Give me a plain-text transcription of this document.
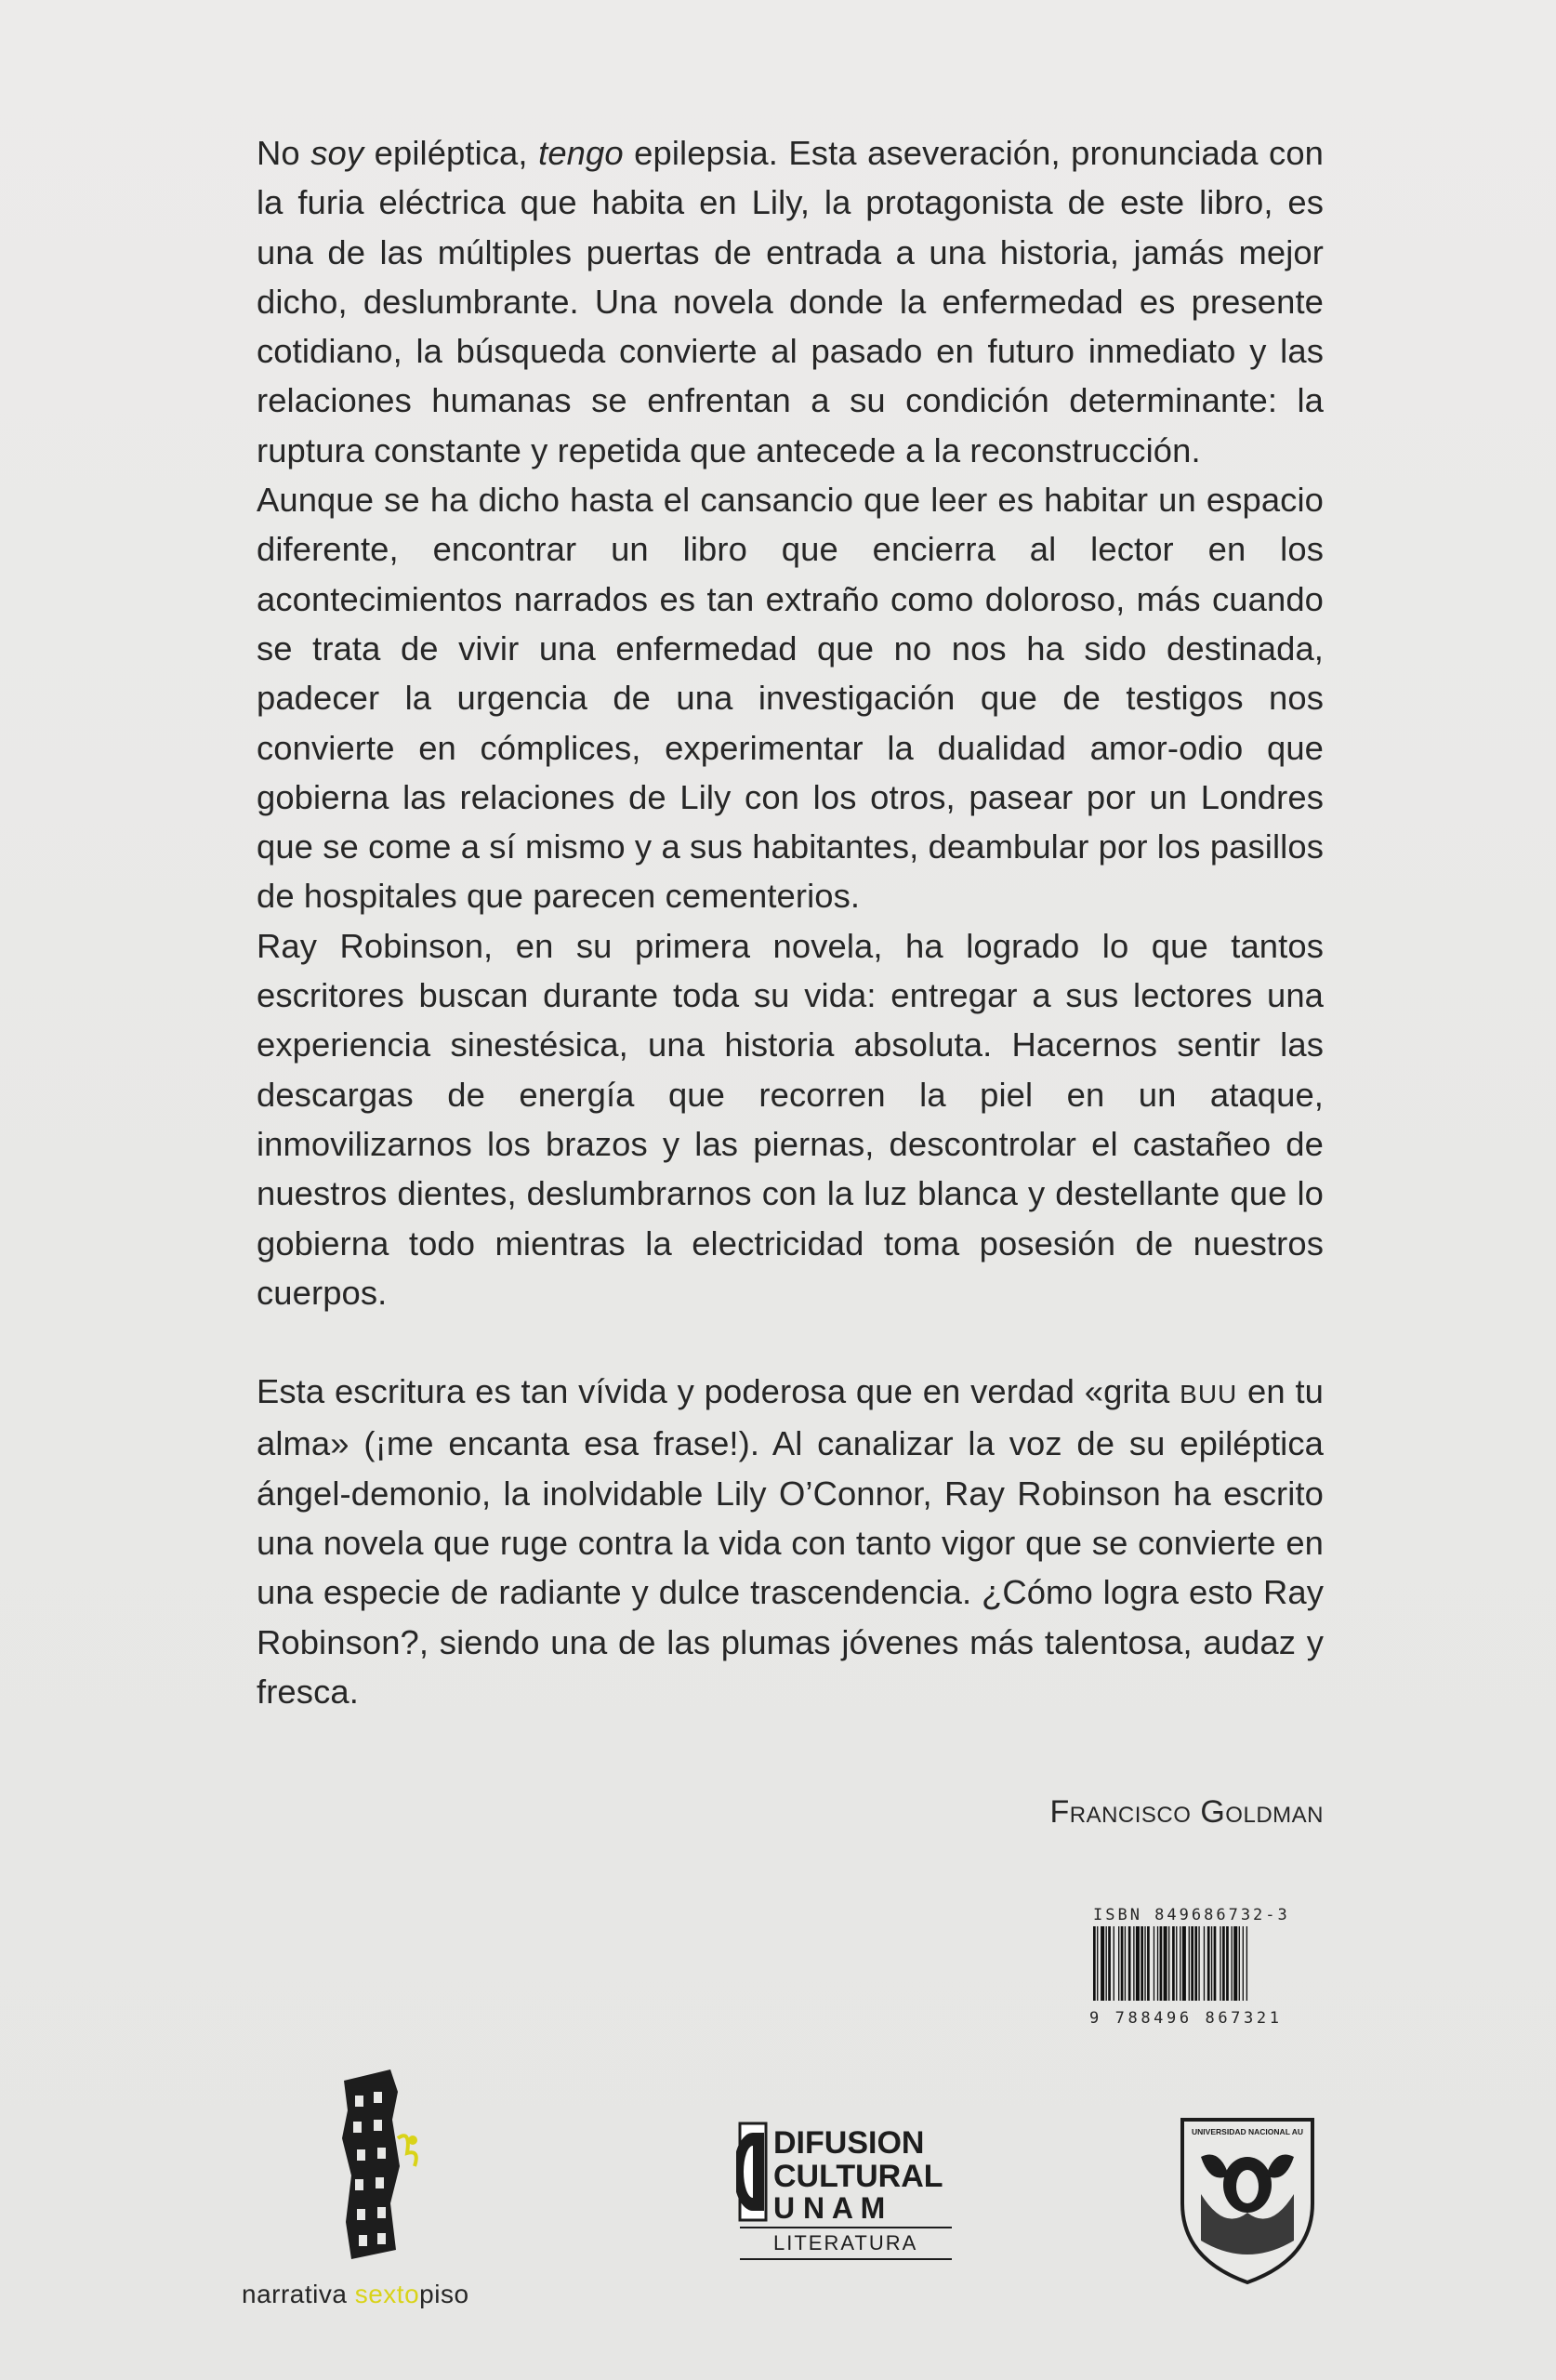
No soy epiléptica, tengo epilepsia. Esta aseveración, pronunciada con la furia eléctrica que habita en Lily, la protagonista de este libro, es una de las múltiples puertas de entrada a una historia, jamás mejor dicho, deslumbrante. Una novela donde la enfermedad es presente cotidiano, la búsqueda convierte al pasado en futuro inmediato y las relaciones humanas se enfrentan a su condición determinante: la ruptura constante y repetida que antecede a la reconstrucción.

Aunque se ha dicho hasta el cansancio que leer es habitar un espacio diferente, encontrar un libro que encierra al lector en los acontecimientos narrados es tan extraño como doloroso, más cuando se trata de vivir una enfermedad que no nos ha sido destinada, padecer la urgencia de una investigación que de testigos nos convierte en cómplices, experimentar la dualidad amor-odio que gobierna las relaciones de Lily con los otros, pasear por un Londres que se come a sí mismo y a sus habitantes, deambular por los pasillos de hospitales que parecen cementerios.

Ray Robinson, en su primera novela, ha logrado lo que tantos escritores buscan durante toda su vida: entregar a sus lectores una experiencia sinestésica, una historia absoluta. Hacernos sentir las descargas de energía que recorren la piel en un ataque, inmovilizarnos los brazos y las piernas, descontrolar el castañeo de nuestros dientes, deslumbrarnos con la luz blanca y destellante que lo gobierna todo mientras la electricidad toma posesión de nuestros cuerpos.

Esta escritura es tan vívida y poderosa que en verdad «grita BUU en tu alma» (¡me encanta esa frase!). Al canalizar la voz de su epiléptica ángel-demonio, la inolvidable Lily O’Connor, Ray Robinson ha escrito una novela que ruge contra la vida con tanto vigor que se convierte en una especie de radiante y dulce trascendencia. ¿Cómo logra esto Ray Robinson?, siendo una de las plumas jóvenes más talentosa, audaz y fresca.

Francisco Goldman
ISBN 849686732-3
9 788496 867321
narrativa sextopiso
DIFUSION
CULTURAL
U N A M
LITERATURA
UNIVERSIDAD NACIONAL AU
